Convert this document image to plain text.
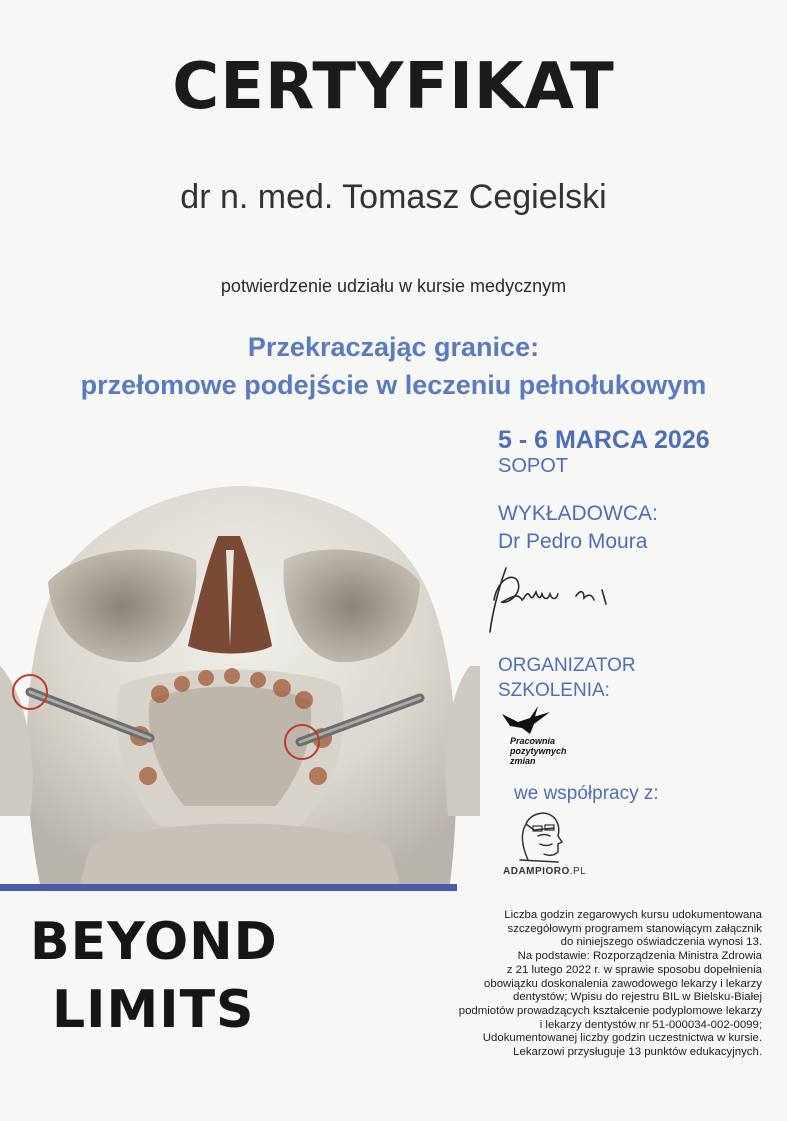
CERTYFIKAT
dr n. med. Tomasz Cegielski
potwierdzenie udziału w kursie medycznym
Przekraczając granice:
przełomowe podejście w leczeniu pełnołukowym
5 - 6 MARCA 2026
SOPOT
WYKŁADOWCA:
Dr Pedro Moura
ORGANIZATOR
SZKOLENIA:
Pracownia
pozytywnych
zmian
we współpracy z:
ADAMPIORO.PL
BEYOND
LIMITS

Liczba godzin zegarowych kursu udokumentowana

szczegółowym programem stanowiącym załącznik

do niniejszego oświadczenia wynosi 13.

Na podstawie: Rozporządzenia Ministra Zdrowia

z 21 lutego 2022 r. w sprawie sposobu dopełnienia

obowiązku doskonalenia zawodowego lekarzy i lekarzy

dentystów; Wpisu do rejestru BIL w Bielsku-Białej

podmiotów prowadzących kształcenie podyplomowe lekarzy

i lekarzy dentystów nr 51-000034-002-0099;

Udokumentowanej liczby godzin uczestnictwa w kursie.

Lekarzowi przysługuje 13 punktów edukacyjnych.
